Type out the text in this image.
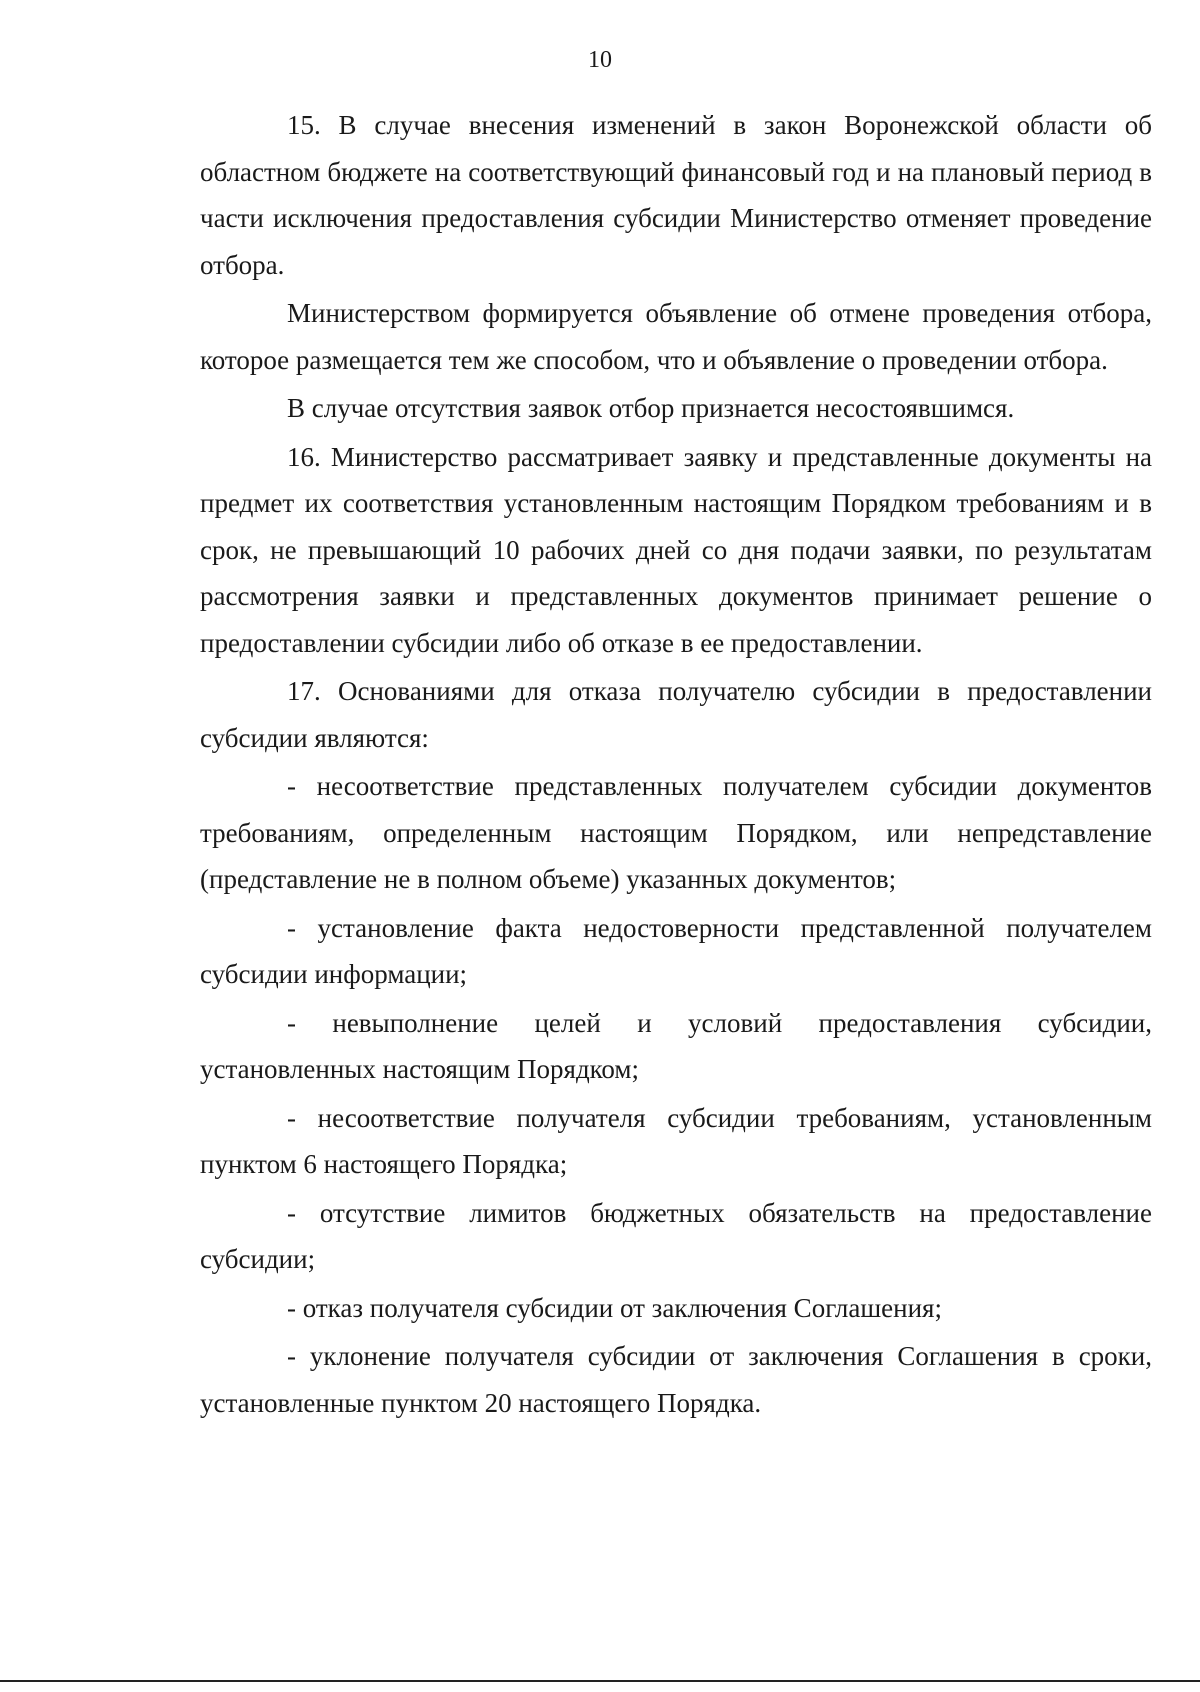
10

15. В случае внесения изменений в закон Воронежской области об областном бюджете на соответствующий финансовый год и на плановый период в части исключения предоставления субсидии Министерство отменяет проведение отбора.

Министерством формируется объявление об отмене проведения отбора, которое размещается тем же способом, что и объявление о проведении отбора.

В случае отсутствия заявок отбор признается несостоявшимся.

16. Министерство рассматривает заявку и представленные документы на предмет их соответствия установленным настоящим Порядком требованиям и в срок, не превышающий 10 рабочих дней со дня подачи заявки, по результатам рассмотрения заявки и представленных документов принимает решение о предоставлении субсидии либо об отказе в ее предоставлении.

17. Основаниями для отказа получателю субсидии в предоставлении субсидии являются:

- несоответствие представленных получателем субсидии документов требованиям, определенным настоящим Порядком, или непредставление (представление не в полном объеме) указанных документов;

- установление факта недостоверности представленной получателем субсидии информации;

- невыполнение целей и условий предоставления субсидии, установленных настоящим Порядком;

- несоответствие получателя субсидии требованиям, установленным пунктом 6 настоящего Порядка;

- отсутствие лимитов бюджетных обязательств на предоставление субсидии;

- отказ получателя субсидии от заключения Соглашения;

- уклонение получателя субсидии от заключения Соглашения в сроки, установленные пунктом 20 настоящего Порядка.
